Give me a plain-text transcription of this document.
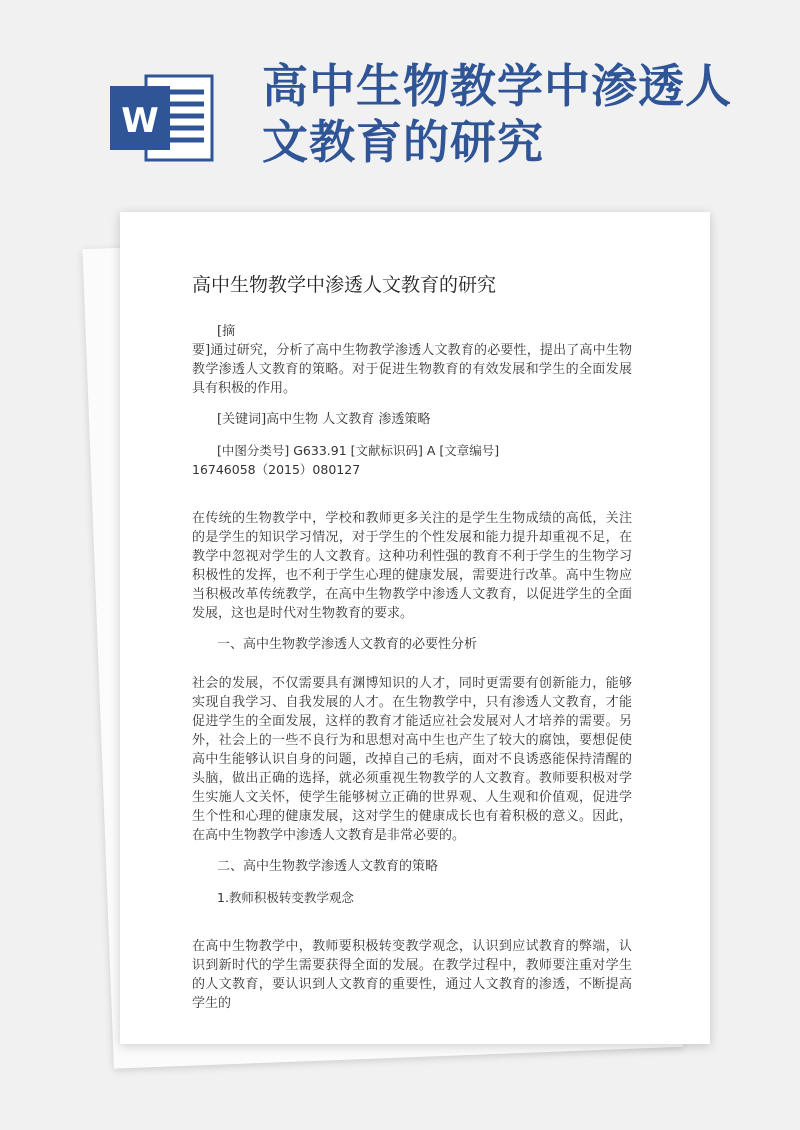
W
高中生物教学中渗透人
文教育的研究
高中生物教学中渗透人文教育的研究

[摘

要]通过研究，分析了高中生物教学渗透人文教育的必要性，提出了高中生物教学渗透人文教育的策略。对于促进生物教育的有效发展和学生的全面发展具有积极的作用。

[关键词]高中生物 人文教育 渗透策略

[中图分类号] G633.91 [文献标识码] A [文章编号]

16746058（2015）080127

在传统的生物教学中，学校和教师更多关注的是学生生物成绩的高低，关注的是学生的知识学习情况，对于学生的个性发展和能力提升却重视不足，在教学中忽视对学生的人文教育。这种功利性强的教育不利于学生的生物学习积极性的发挥，也不利于学生心理的健康发展，需要进行改革。高中生物应当积极改革传统教学，在高中生物教学中渗透人文教育，以促进学生的全面发展，这也是时代对生物教育的要求。

一、高中生物教学渗透人文教育的必要性分析

社会的发展，不仅需要具有渊博知识的人才，同时更需要有创新能力，能够实现自我学习、自我发展的人才。在生物教学中，只有渗透人文教育，才能促进学生的全面发展，这样的教育才能适应社会发展对人才培养的需要。另外，社会上的一些不良行为和思想对高中生也产生了较大的腐蚀，要想促使高中生能够认识自身的问题，改掉自己的毛病，面对不良诱惑能保持清醒的头脑，做出正确的选择，就必须重视生物教学的人文教育。教师要积极对学生实施人文关怀，使学生能够树立正确的世界观、人生观和价值观，促进学生个性和心理的健康发展，这对学生的健康成长也有着积极的意义。因此，在高中生物教学中渗透人文教育是非常必要的。

二、高中生物教学渗透人文教育的策略

1.教师积极转变教学观念

在高中生物教学中，教师要积极转变教学观念，认识到应试教育的弊端，认识到新时代的学生需要获得全面的发展。在教学过程中，教师要注重对学生的人文教育，要认识到人文教育的重要性，通过人文教育的渗透，不断提高学生的
